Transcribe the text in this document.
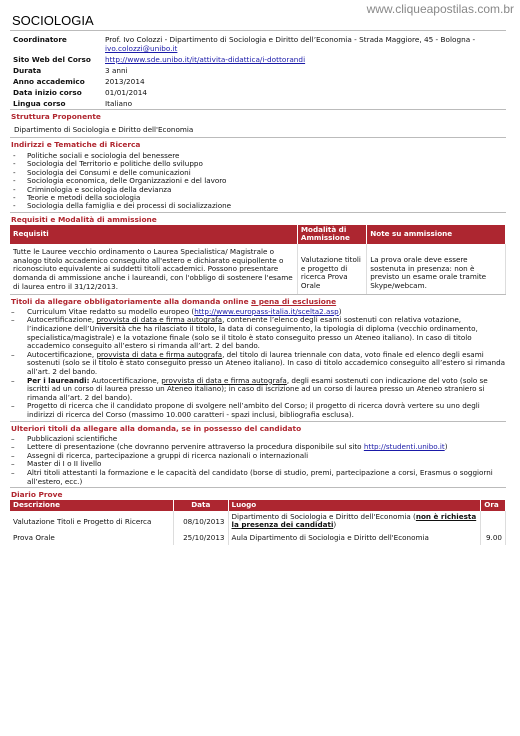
www.cliqueapostilas.com.br
SOCIOLOGIA
Coordinatore	Prof. Ivo Colozzi - Dipartimento di Sociologia e Diritto dell’Economia - Strada Maggiore, 45 - Bologna -
ivo.colozzi@unibo.it
Sito Web del Corso	http://www.sde.unibo.it/it/attivita-didattica/i-dottorandi
Durata	3 anni
Anno accademico	2013/2014
Data inizio corso	01/01/2014
Lingua corso	Italiano
Struttura Proponente
Dipartimento di Sociologia e Diritto dell'Economia
Indirizzi e Tematiche di Ricerca
- Politiche sociali e sociologia del benessere
- Sociologia del Territorio e politiche dello sviluppo
- Sociologia dei Consumi e delle comunicazioni
- Sociologia economica, delle Organizzazioni e del lavoro
- Criminologia e sociologia della devianza
- Teorie e metodi della sociologia
- Sociologia della famiglia e dei processi di socializzazione
Requisiti e Modalità di ammissione
Requisiti	Modalità di Ammissione	Note su ammissione
Tutte le Lauree vecchio ordinamento o Laurea Specialistica/ Magistrale o analogo titolo accademico conseguito all'estero e dichiarato equipollente o riconosciuto equivalente ai suddetti titoli accademici. Possono presentare domanda di ammissione anche i laureandi, con l'obbligo di sostenere l'esame di laurea entro il 31/12/2013.	Valutazione titoli e progetto di ricerca Prova Orale	La prova orale deve essere sostenuta in presenza: non è previsto un esame orale tramite Skype/webcam.
Titoli da allegare obbligatoriamente alla domanda online a pena di esclusione
– Curriculum Vitae redatto su modello europeo (http://www.europass-italia.it/scelta2.asp)
– Autocertificazione, provvista di data e firma autografa, contenente l’elenco degli esami sostenuti con relativa votazione, l’indicazione dell’Università che ha rilasciato il titolo, la data di conseguimento, la tipologia di diploma (vecchio ordinamento, specialistica/magistrale) e la votazione finale (solo se il titolo è stato conseguito presso un Ateneo italiano). In caso di titolo accademico conseguito all’estero si rimanda all’art. 2 del bando.
– Autocertificazione, provvista di data e firma autografa, del titolo di laurea triennale con data, voto finale ed elenco degli esami sostenuti (solo se il titolo è stato conseguito presso un Ateneo italiano). In caso di titolo accademico conseguito all’estero si rimanda all’art. 2 del bando.
– Per i laureandi: Autocertificazione, provvista di data e firma autografa, degli esami sostenuti con indicazione del voto (solo se iscritti ad un corso di laurea presso un Ateneo italiano); in caso di iscrizione ad un corso di laurea presso un Ateneo straniero si rimanda all’art. 2 del bando).
– Progetto di ricerca che il candidato propone di svolgere nell’ambito del Corso; il progetto di ricerca dovrà vertere su uno degli indirizzi di ricerca del Corso (massimo 10.000 caratteri - spazi inclusi, bibliografia esclusa).
Ulteriori titoli da allegare alla domanda, se in possesso del candidato
– Pubblicazioni scientifiche
– Lettere di presentazione (che dovranno pervenire attraverso la procedura disponibile sul sito http://studenti.unibo.it)
– Assegni di ricerca, partecipazione a gruppi di ricerca nazionali o internazionali
– Master di I o II livello
– Altri titoli attestanti la formazione e le capacità del candidato (borse di studio, premi, partecipazione a corsi, Erasmus o soggiorni all’estero, ecc.)
Diario Prove
Descrizione	Data	Luogo	Ora
Valutazione Titoli e Progetto di Ricerca	08/10/2013	Dipartimento di Sociologia e Diritto dell'Economia (non è richiesta la presenza dei candidati)	
Prova Orale	25/10/2013	Aula Dipartimento di Sociologia e Diritto dell'Economia	9.00
